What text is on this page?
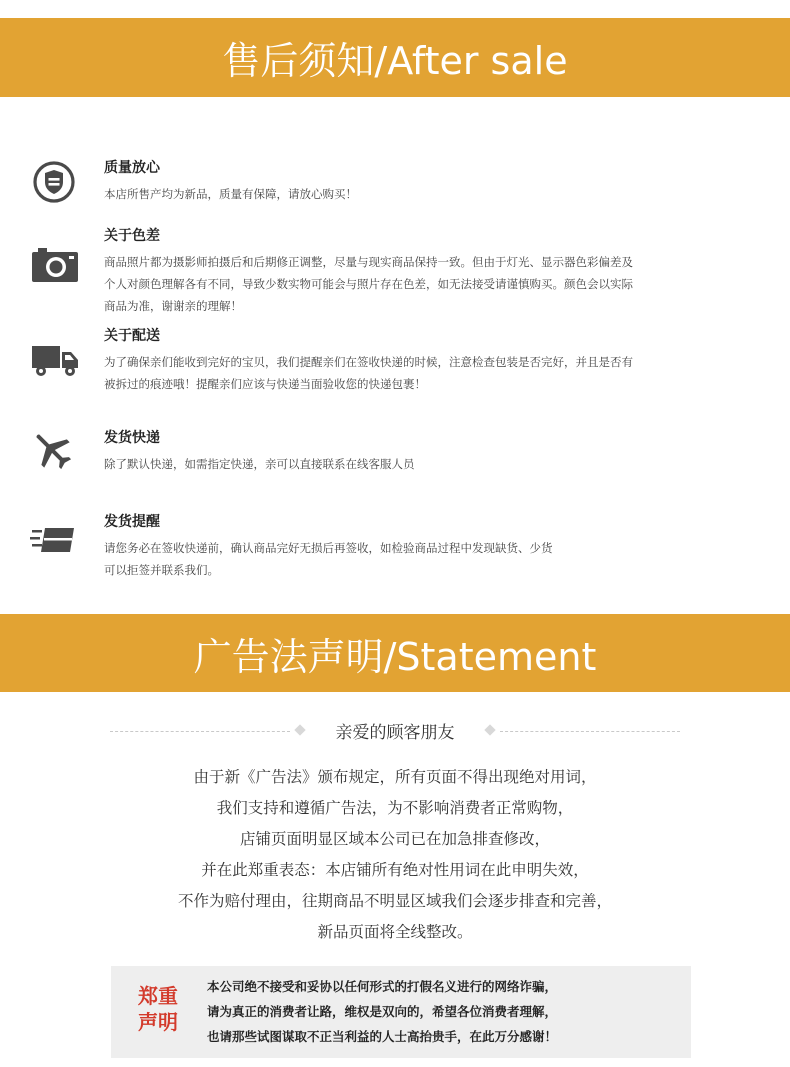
售后须知/After sale
质量放心
本店所售产均为新品，质量有保障，请放心购买！
关于色差
商品照片都为摄影师拍摄后和后期修正调整，尽量与现实商品保持一致。但由于灯光、显示器色彩偏差及
个人对颜色理解各有不同，导致少数实物可能会与照片存在色差，如无法接受请谨慎购买。颜色会以实际
商品为准，谢谢亲的理解！
关于配送
为了确保亲们能收到完好的宝贝，我们提醒亲们在签收快递的时候，注意检查包装是否完好，并且是否有
被拆过的痕迹哦！提醒亲们应该与快递当面验收您的快递包裹！
发货快递
除了默认快递，如需指定快递，亲可以直接联系在线客服人员
发货提醒
请您务必在签收快递前，确认商品完好无损后再签收，如检验商品过程中发现缺货、少货
可以拒签并联系我们。
广告法声明/Statement
亲爱的顾客朋友
由于新《广告法》颁布规定，所有页面不得出现绝对用词，
我们支持和遵循广告法，为不影响消费者正常购物，
店铺页面明显区域本公司已在加急排查修改，
并在此郑重表态：本店铺所有绝对性用词在此申明失效，
不作为赔付理由，往期商品不明显区域我们会逐步排查和完善，
新品页面将全线整改。
郑重
声明
本公司绝不接受和妥协以任何形式的打假名义进行的网络诈骗，
请为真正的消费者让路，维权是双向的，希望各位消费者理解，
也请那些试图谋取不正当利益的人士高抬贵手，在此万分感谢！
